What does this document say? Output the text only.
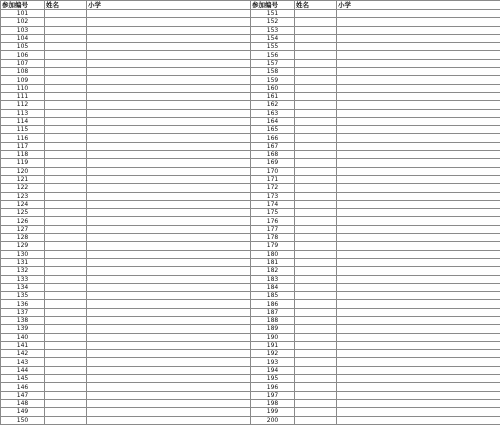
参加编号	姓名	小学
101		
102		
103		
104		
105		
106		
107		
108		
109		
110		
111		
112		
113		
114		
115		
116		
117		
118		
119		
120		
121		
122		
123		
124		
125		
126		
127		
128		
129		
130		
131		
132		
133		
134		
135		
136		
137		
138		
139		
140		
141		
142		
143		
144		
145		
146		
147		
148		
149		
150		
参加编号	姓名	小学
151		
152		
153		
154		
155		
156		
157		
158		
159		
160		
161		
162		
163		
164		
165		
166		
167		
168		
169		
170		
171		
172		
173		
174		
175		
176		
177		
178		
179		
180		
181		
182		
183		
184		
185		
186		
187		
188		
189		
190		
191		
192		
193		
194		
195		
196		
197		
198		
199		
200		
